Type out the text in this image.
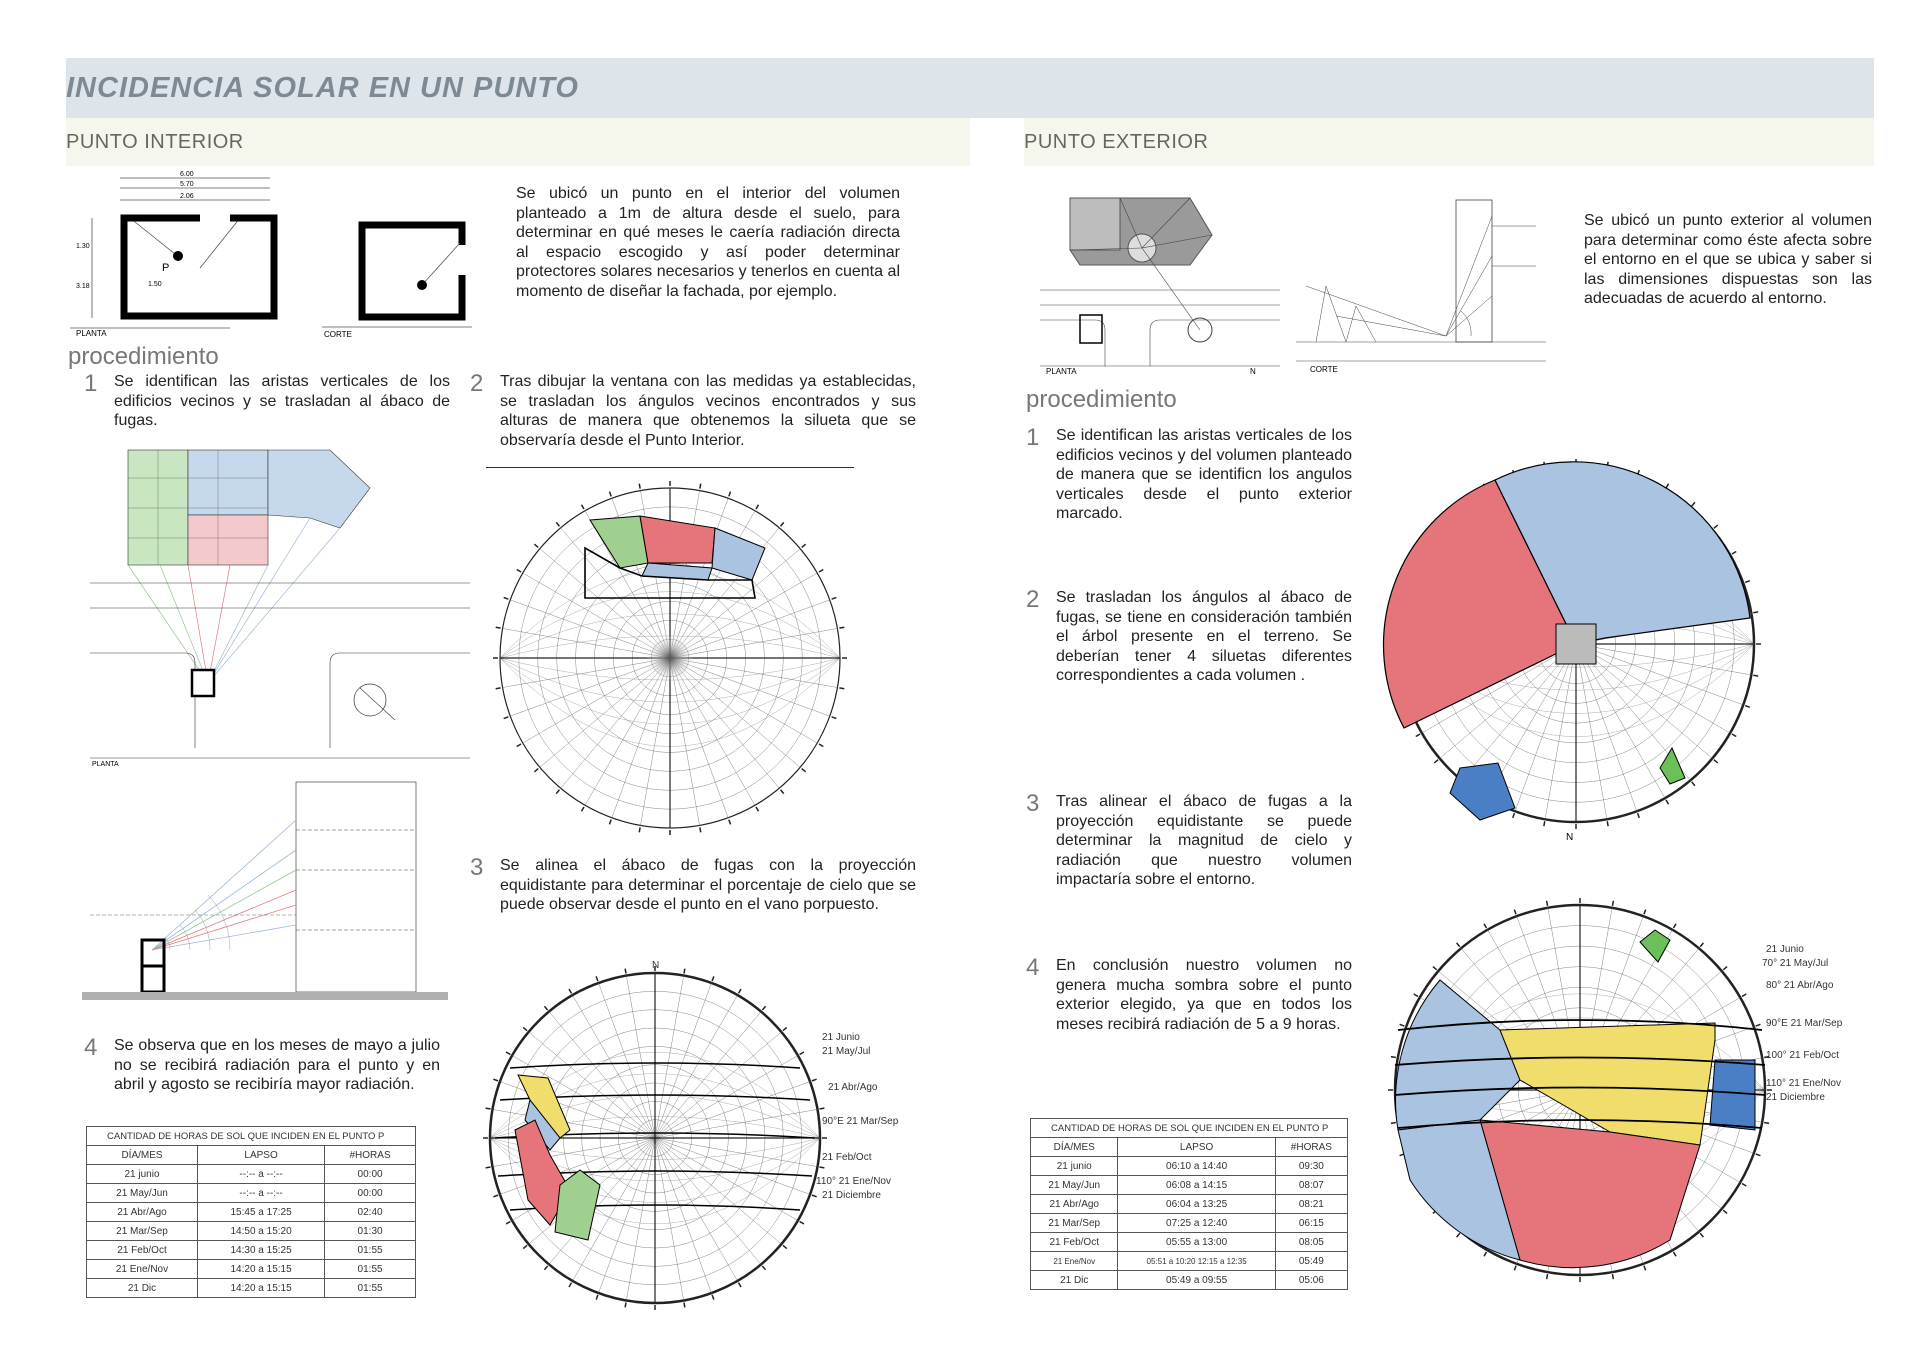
INCIDENCIA SOLAR EN UN PUNTO
PUNTO INTERIOR	PUNTO EXTERIOR
P
6.00
5.70
2.06
1.30
3.18	1.50
PLANTA	CORTE
Se ubicó un punto en el interior del volumen planteado a 1m de altura desde el suelo, para determinar en qué meses le caería radiación directa al espacio escogido y así poder determinar protectores solares necesarios y tenerlos en cuenta al momento de diseñar la fachada, por ejemplo.
procedimiento
1	Se identifican las aristas verticales de los edificios vecinos y se trasladan al ábaco de fugas.
2	Tras dibujar la ventana con las medidas ya establecidas, se trasladan los ángulos vecinos encontrados y sus alturas de manera que obtenemos la silueta que se observaría desde el Punto Interior.
PLANTA
4	Se observa que en los meses de mayo a julio no se recibirá radiación para el punto y en abril y agosto se recibiría mayor radiación.
CANTIDAD DE HORAS DE SOL QUE INCIDEN EN EL PUNTO P		
DÍA/MES	LAPSO	#HORAS
21 junio	--:-- a --:--	00:00
21 May/Jun	--:-- a --:--	00:00
21 Abr/Ago	15:45 a 17:25	02:40
21 Mar/Sep	14:50 a 15:20	01:30
21 Feb/Oct	14:30 a 15:25	01:55
21 Ene/Nov	14:20 a 15:15	01:55
21 Dic	14:20 a 15:15	01:55
3	Se alinea el ábaco de fugas con la proyección equidistante para determinar el porcentaje de cielo que se puede observar desde el punto en el vano porpuesto.
21 Junio
21 May/Jul
21 Abr/Ago
90°E 21 Mar/Sep
21 Feb/Oct
110° 21 Ene/Nov
21 Diciembre
N
PLANTA	N	CORTE
Se ubicó un punto exterior al volumen para determinar como éste afecta sobre el entorno en el que se ubica y saber si las dimensiones dispuestas son las adecuadas de acuerdo al entorno.
procedimiento
1	Se identifican las aristas verticales de los edificios vecinos y del volumen planteado de manera que se identificn los angulos verticales desde el punto exterior marcado.
2	Se trasladan los ángulos al ábaco de fugas, se tiene en consideración también el árbol presente en el terreno. Se deberían tener 4 siluetas diferentes correspondientes a cada volumen .
3	Tras alinear el ábaco de fugas a la proyección equidistante se puede determinar la magnitud de cielo y radiación que nuestro volumen impactaría sobre el entorno.
4	En conclusión nuestro volumen no genera mucha sombra sobre el punto exterior elegido, ya que en todos los meses recibirá radiación de 5 a 9 horas.
CANTIDAD DE HORAS DE SOL QUE INCIDEN EN EL PUNTO P		
DÍA/MES	LAPSO	#HORAS
21 junio	06:10 a 14:40	09:30
21 May/Jun	06:08 a 14:15	08:07
21 Abr/Ago	06:04 a 13:25	08:21
21 Mar/Sep	07:25 a 12:40	06:15
21 Feb/Oct	05:55 a 13:00	08:05
21 Ene/Nov	05:51 a 10:20 12:15 a 12:35	05:49
21 Dic	05:49 a 09:55	05:06
N
21 Junio
70° 21 May/Jul
80° 21 Abr/Ago
90°E 21 Mar/Sep
100° 21 Feb/Oct
110° 21 Ene/Nov
21 Diciembre
